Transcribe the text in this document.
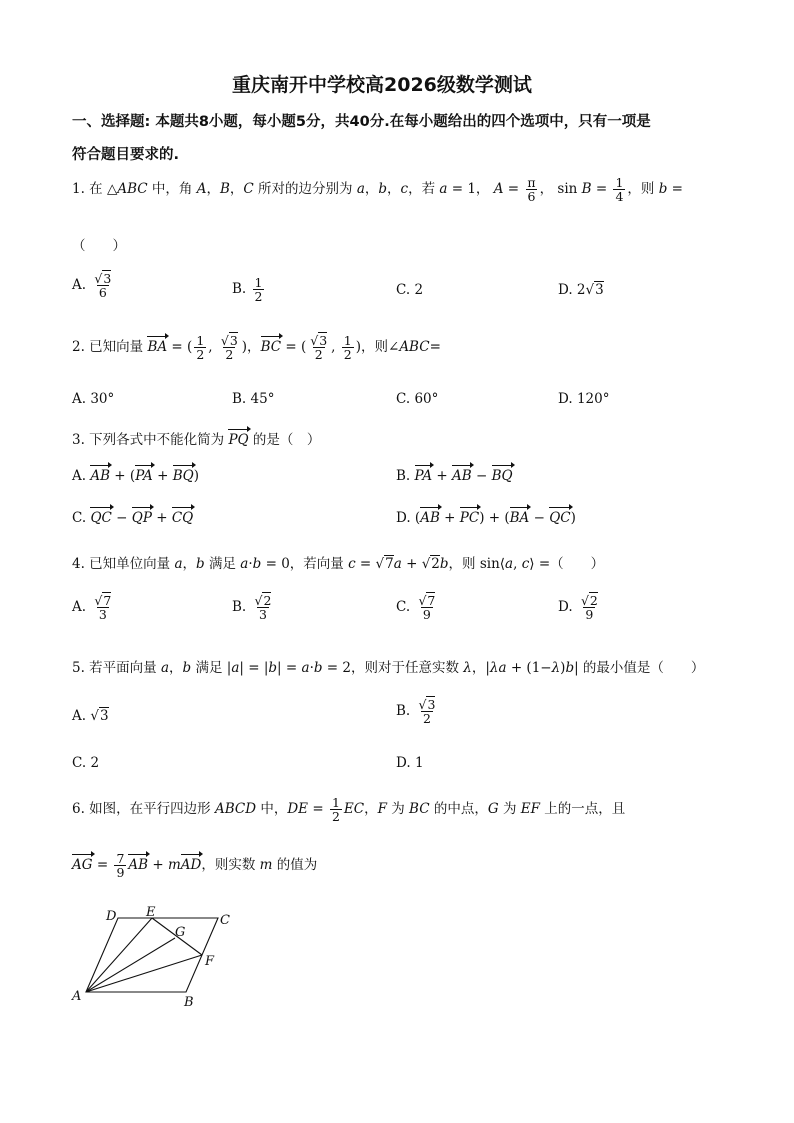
重庆南开中学校高2026级数学测试
一、选择题: 本题共8小题，每小题5分，共40分.在每小题给出的四个选项中，只有一项是
符合题目要求的.
1. 在 △ABC 中，角 A，B，C 所对的边分别为 a，b，c，若 a = 1， $A = \frac{\pi}{6}$ ， $\sin B = \frac{1}{4}$ ，则 b =
（　　）
A. $\frac{√3}{6}$	B. $\frac{1}{2}$	C. 2	D. 2√3
2. 已知向量 BA = ( $\frac{1}{2}$ , $\frac{√3}{2}$ )，BC = ( $\frac{√3}{2}$ , $\frac{1}{2}$ )，则∠ABC=
A. 30°	B. 45°	C. 60°	D. 120°
3. 下列各式中不能化简为 PQ 的是（　）
A. AB + (PA + BQ)	B. PA + AB − BQ
C. QC − QP + CQ	D. (AB + PC) + (BA − QC)
4. 已知单位向量 a，b 满足 a·b = 0，若向量 c = √7a + √2b，则 sin⟨a, c⟩ =（　　）
A. $\frac{√7}{3}$	B. $\frac{√2}{3}$	C. $\frac{√7}{9}$	D. $\frac{√2}{9}$
5. 若平面向量 a，b 满足 |a| = |b| = a·b = 2，则对于任意实数 λ，|λa + (1−λ)b| 的最小值是（　　）
A. √3	B. $\frac{√3}{2}$
C. 2	D. 1
6. 如图，在平行四边形 ABCD 中，DE = $\frac{1}{2}$ EC，F 为 BC 的中点，G 为 EF 上的一点，且
AG = $\frac{7}{9}$ AB + mAD，则实数 m 的值为
A	B
C
D E
F
G
